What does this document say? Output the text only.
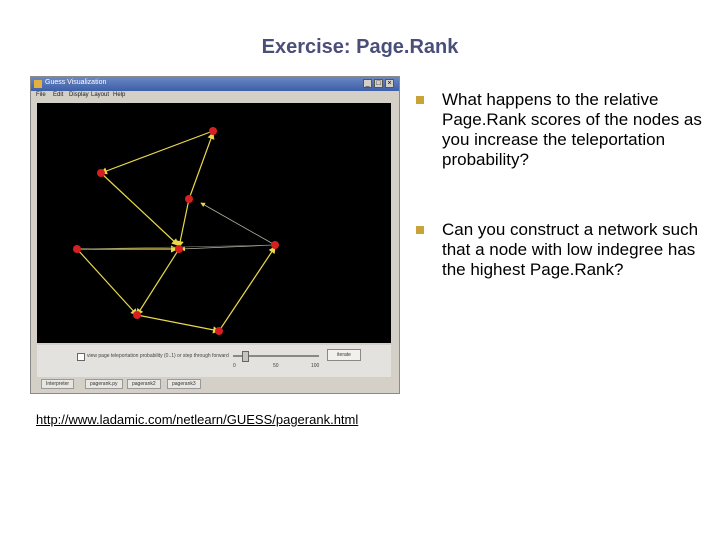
Exercise: Page.Rank
Guess Visualization	_ □ ×
File Edit Display Layout Help
view page teleportation probability (0..1) or step through forward
0	50	100
iterate
Interpreter	pagerank.py	pagerank2	pagerank3
What happens to the relative Page.Rank scores of the nodes as you increase the teleportation probability?
Can you construct a network such that a node with low indegree has the highest Page.Rank?
http://www.ladamic.com/netlearn/GUESS/pagerank.html
